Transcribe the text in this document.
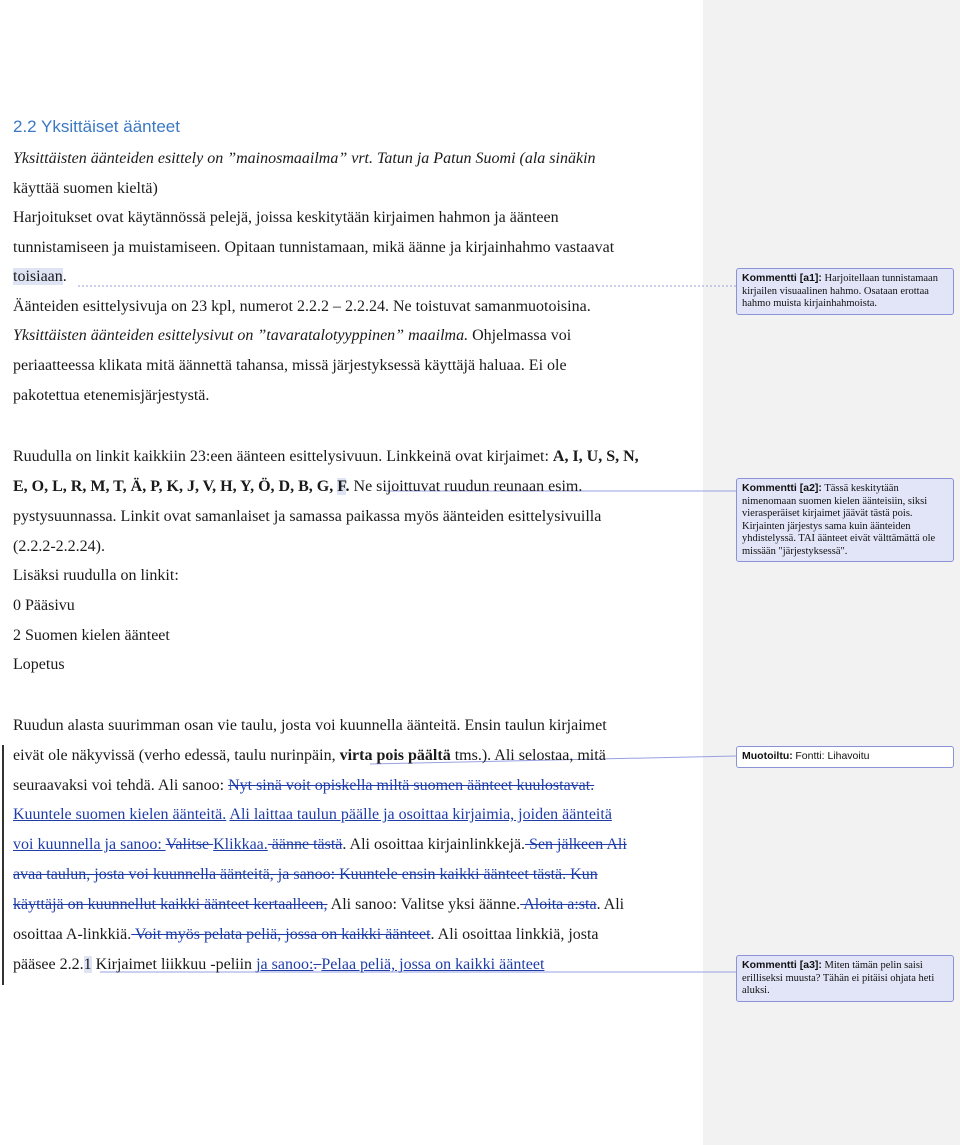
2.2 Yksittäiset äänteet
Yksittäisten äänteiden esittely on ”mainosmaailma” vrt. Tatun ja Patun Suomi (ala sinäkin
käyttää suomen kieltä)
Harjoitukset ovat käytännössä pelejä, joissa keskitytään kirjaimen hahmon ja äänteen
tunnistamiseen ja muistamiseen. Opitaan tunnistamaan, mikä äänne ja kirjainhahmo vastaavat
toisiaan.
Äänteiden esittelysivuja on 23 kpl, numerot 2.2.2 – 2.2.24. Ne toistuvat samanmuotoisina.
Yksittäisten äänteiden esittelysivut on ”tavaratalotyyppinen” maailma. Ohjelmassa voi
periaatteessa klikata mitä äännettä tahansa, missä järjestyksessä käyttäjä haluaa. Ei ole
pakotettua etenemisjärjestystä.
Ruudulla on linkit kaikkiin 23:een äänteen esittelysivuun. Linkkeinä ovat kirjaimet: A, I, U, S, N,
E, O, L, R, M, T, Ä, P, K, J, V, H, Y, Ö, D, B, G, F. Ne sijoittuvat ruudun reunaan esim.
pystysuunnassa. Linkit ovat samanlaiset ja samassa paikassa myös äänteiden esittelysivuilla
(2.2.2-2.2.24).
Lisäksi ruudulla on linkit:
0 Pääsivu
2 Suomen kielen äänteet
Lopetus
Ruudun alasta suurimman osan vie taulu, josta voi kuunnella äänteitä. Ensin taulun kirjaimet
eivät ole näkyvissä (verho edessä, taulu nurinpäin, virta pois päältä tms.). Ali selostaa, mitä
seuraavaksi voi tehdä. Ali sanoo: Nyt sinä voit opiskella miltä suomen äänteet kuulostavat.
Kuuntele suomen kielen äänteitä. Ali laittaa taulun päälle ja osoittaa kirjaimia, joiden äänteitä
voi kuunnella ja sanoo: Valitse Klikkaa. äänne tästä. Ali osoittaa kirjainlinkkejä. Sen jälkeen Ali
avaa taulun, josta voi kuunnella äänteitä, ja sanoo: Kuuntele ensin kaikki äänteet tästä. Kun
käyttäjä on kuunnellut kaikki äänteet kertaalleen, Ali sanoo: Valitse yksi äänne. Aloita a:sta. Ali
osoittaa A-linkkiä. Voit myös pelata peliä, jossa on kaikki äänteet. Ali osoittaa linkkiä, josta
pääsee 2.2.1 Kirjaimet liikkuu -peliin ja sanoo:. Pelaa peliä, jossa on kaikki äänteet
Kommentti [a1]: Harjoitellaan tunnistamaan kirjailen visuaalinen hahmo. Osataan erottaa hahmo muista kirjainhahmoista.
Kommentti [a2]: Tässä keskitytään nimenomaan suomen kielen äänteisiin, siksi vierasperäiset kirjaimet jäävät tästä pois. Kirjainten järjestys sama kuin äänteiden yhdistelyssä. TAI äänteet eivät välttämättä ole missään "järjestyksessä".
Muotoiltu: Fontti: Lihavoitu
Kommentti [a3]: Miten tämän pelin saisi erilliseksi muusta? Tähän ei pitäisi ohjata heti aluksi.
